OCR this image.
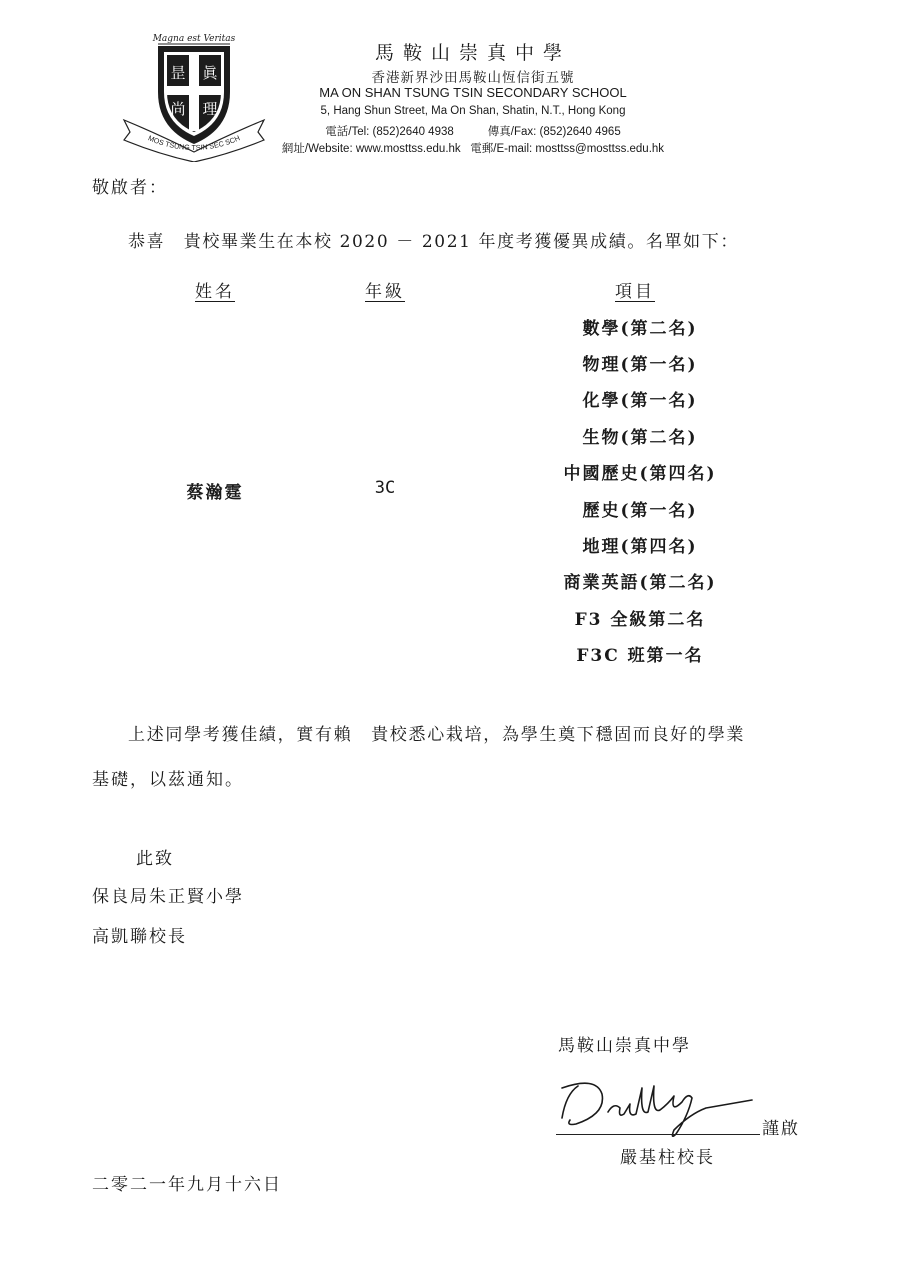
Magna est Veritas
昰 眞
尚 理
MOS TSUNG TSIN SEC SCH
馬鞍山崇真中學
香港新界沙田馬鞍山恆信街五號
MA ON SHAN TSUNG TSIN SECONDARY SCHOOL
5, Hang Shun Street, Ma On Shan, Shatin, N.T., Hong Kong
電話/Tel: (852)2640 4938	傳真/Fax: (852)2640 4965
網址/Website: www.mosttss.edu.hk 電郵/E-mail: mosttss@mosttss.edu.hk
敬啟者：
恭喜　貴校畢業生在本校 2020 － 2021 年度考獲優異成績。名單如下：
姓名	年級	項目
蔡瀚霆	3C
數學(第二名)
物理(第一名)
化學(第一名)
生物(第二名)
中國歷史(第四名)
歷史(第一名)
地理(第四名)
商業英語(第二名)
F3 全級第二名
F3C 班第一名
上述同學考獲佳績，實有賴　貴校悉心栽培，為學生奠下穩固而良好的學業
基礎，以茲通知。
此致
保良局朱正賢小學
高凱聯校長
馬鞍山崇真中學
謹啟
嚴基柱校長
二零二一年九月十六日
